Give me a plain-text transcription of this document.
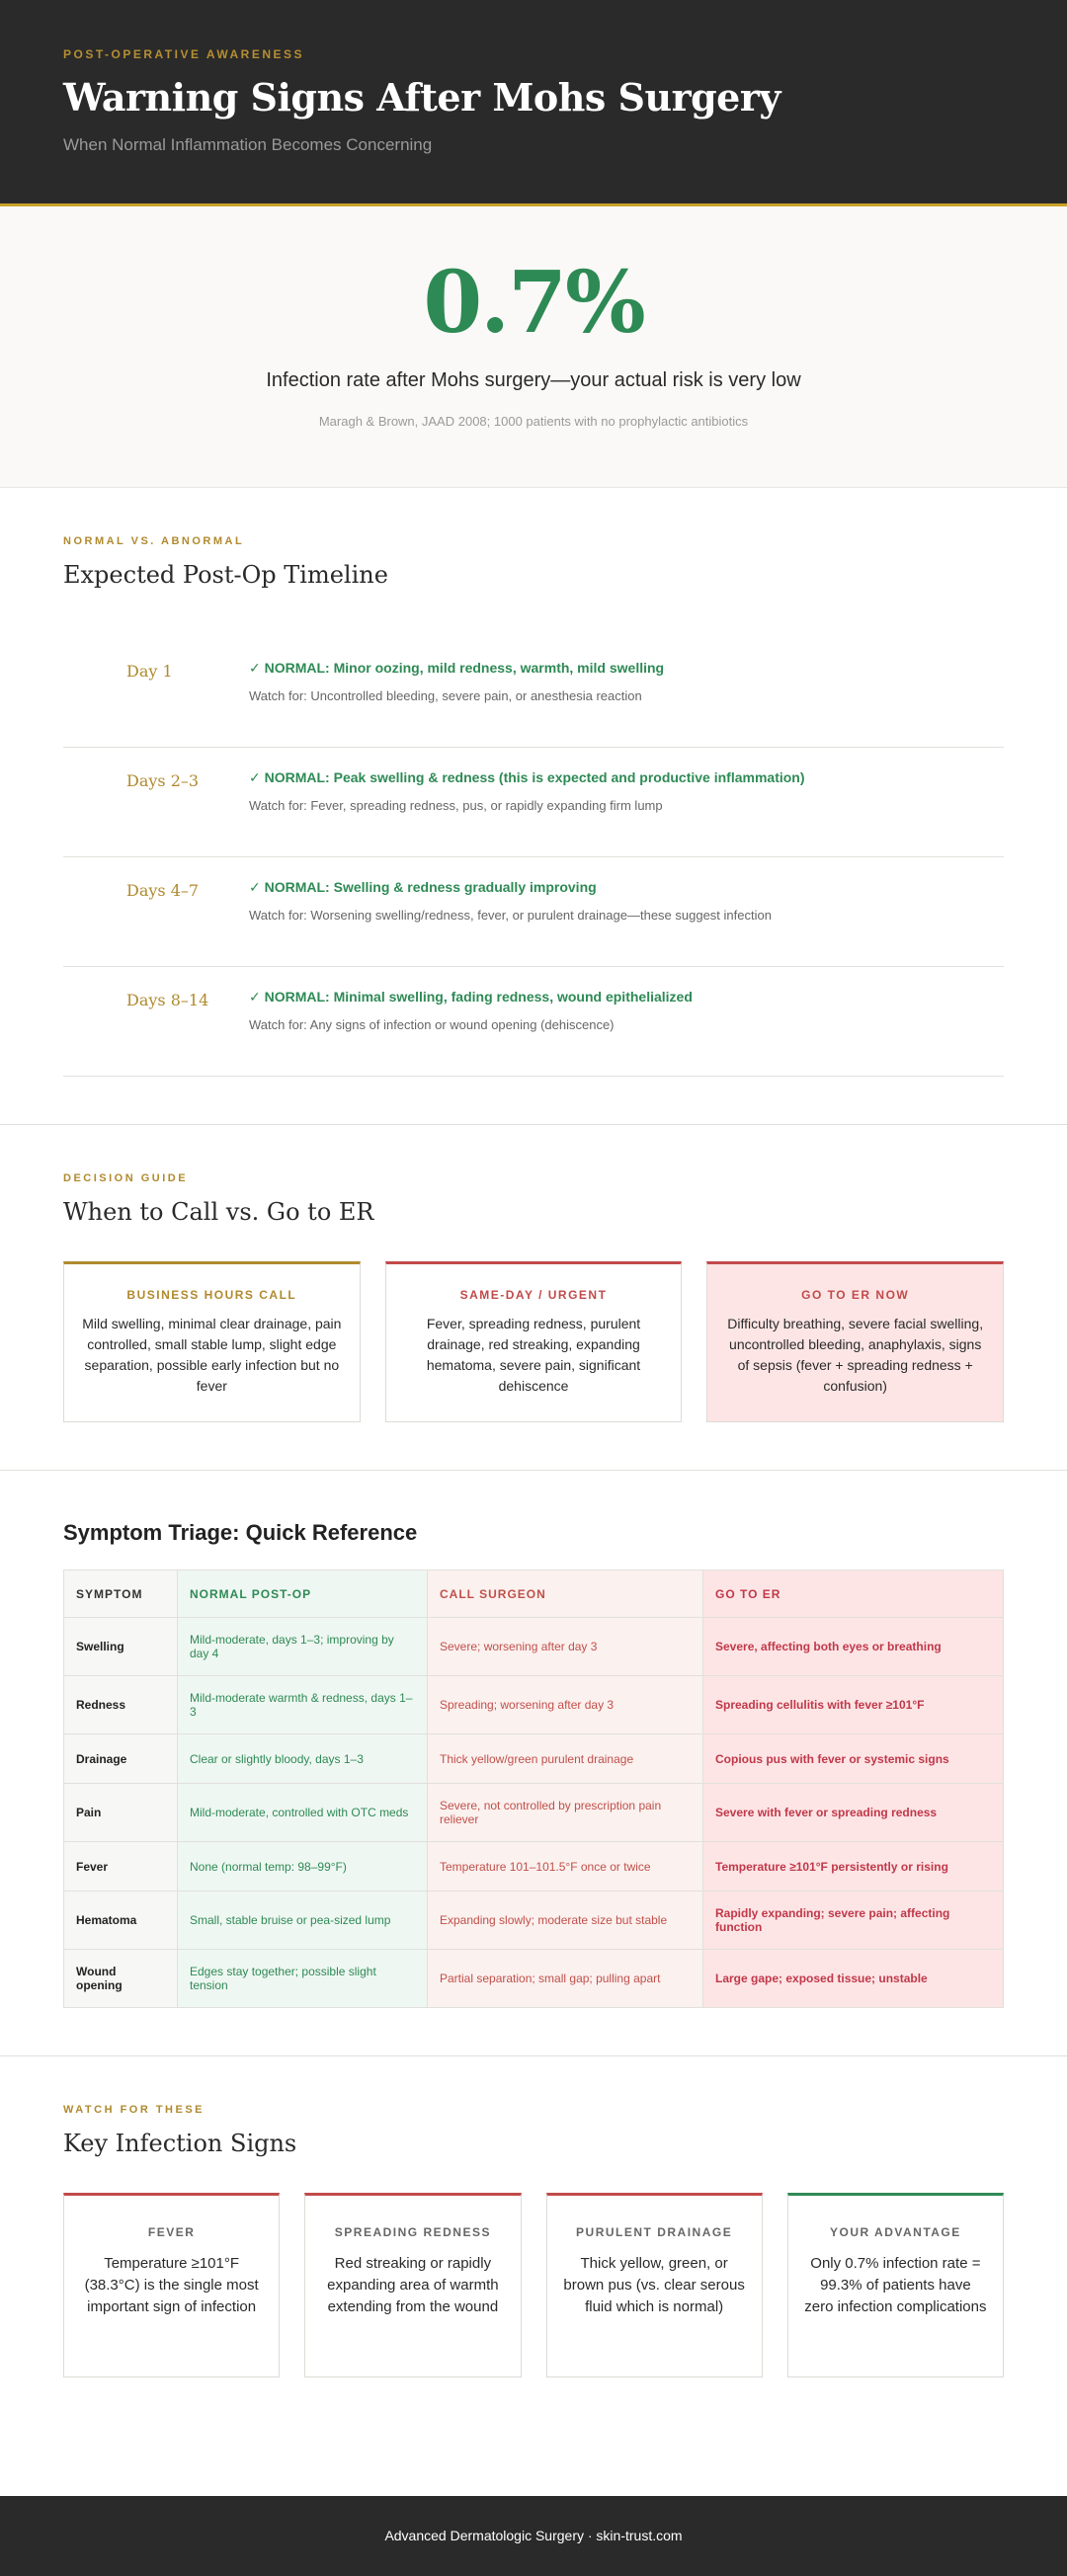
POST-OPERATIVE AWARENESS
Warning Signs After Mohs Surgery
When Normal Inflammation Becomes Concerning
0.7%
Infection rate after Mohs surgery—your actual risk is very low
Maragh & Brown, JAAD 2008; 1000 patients with no prophylactic antibiotics
NORMAL VS. ABNORMAL
Expected Post-Op Timeline
Day 1	✓ NORMAL: Minor oozing, mild redness, warmth, mild swelling
Watch for: Uncontrolled bleeding, severe pain, or anesthesia reaction
Days 2–3	✓ NORMAL: Peak swelling & redness (this is expected and productive inflammation)
Watch for: Fever, spreading redness, pus, or rapidly expanding firm lump
Days 4–7	✓ NORMAL: Swelling & redness gradually improving
Watch for: Worsening swelling/redness, fever, or purulent drainage—these suggest infection
Days 8–14	✓ NORMAL: Minimal swelling, fading redness, wound epithelialized
Watch for: Any signs of infection or wound opening (dehiscence)
DECISION GUIDE
When to Call vs. Go to ER
BUSINESS HOURS CALL
Mild swelling, minimal clear drainage, pain controlled, small stable lump, slight edge separation, possible early infection but no fever
SAME-DAY / URGENT
Fever, spreading redness, purulent drainage, red streaking, expanding hematoma, severe pain, significant dehiscence
GO TO ER NOW
Difficulty breathing, severe facial swelling, uncontrolled bleeding, anaphylaxis, signs of sepsis (fever + spreading redness + confusion)
Symptom Triage: Quick Reference
SYMPTOM	NORMAL POST-OP	CALL SURGEON	GO TO ER
Swelling	Mild-moderate, days 1–3; improving by day 4	Severe; worsening after day 3	Severe, affecting both eyes or breathing
Redness	Mild-moderate warmth & redness, days 1–3	Spreading; worsening after day 3	Spreading cellulitis with fever ≥101°F
Drainage	Clear or slightly bloody, days 1–3	Thick yellow/green purulent drainage	Copious pus with fever or systemic signs
Pain	Mild-moderate, controlled with OTC meds	Severe, not controlled by prescription pain reliever	Severe with fever or spreading redness
Fever	None (normal temp: 98–99°F)	Temperature 101–101.5°F once or twice	Temperature ≥101°F persistently or rising
Hematoma	Small, stable bruise or pea-sized lump	Expanding slowly; moderate size but stable	Rapidly expanding; severe pain; affecting function
Wound opening	Edges stay together; possible slight tension	Partial separation; small gap; pulling apart	Large gape; exposed tissue; unstable
WATCH FOR THESE
Key Infection Signs
FEVER
Temperature ≥101°F (38.3°C) is the single most important sign of infection
SPREADING REDNESS
Red streaking or rapidly expanding area of warmth extending from the wound
PURULENT DRAINAGE
Thick yellow, green, or brown pus (vs. clear serous fluid which is normal)
YOUR ADVANTAGE
Only 0.7% infection rate = 99.3% of patients have zero infection complications
Advanced Dermatologic Surgery · skin-trust.com
